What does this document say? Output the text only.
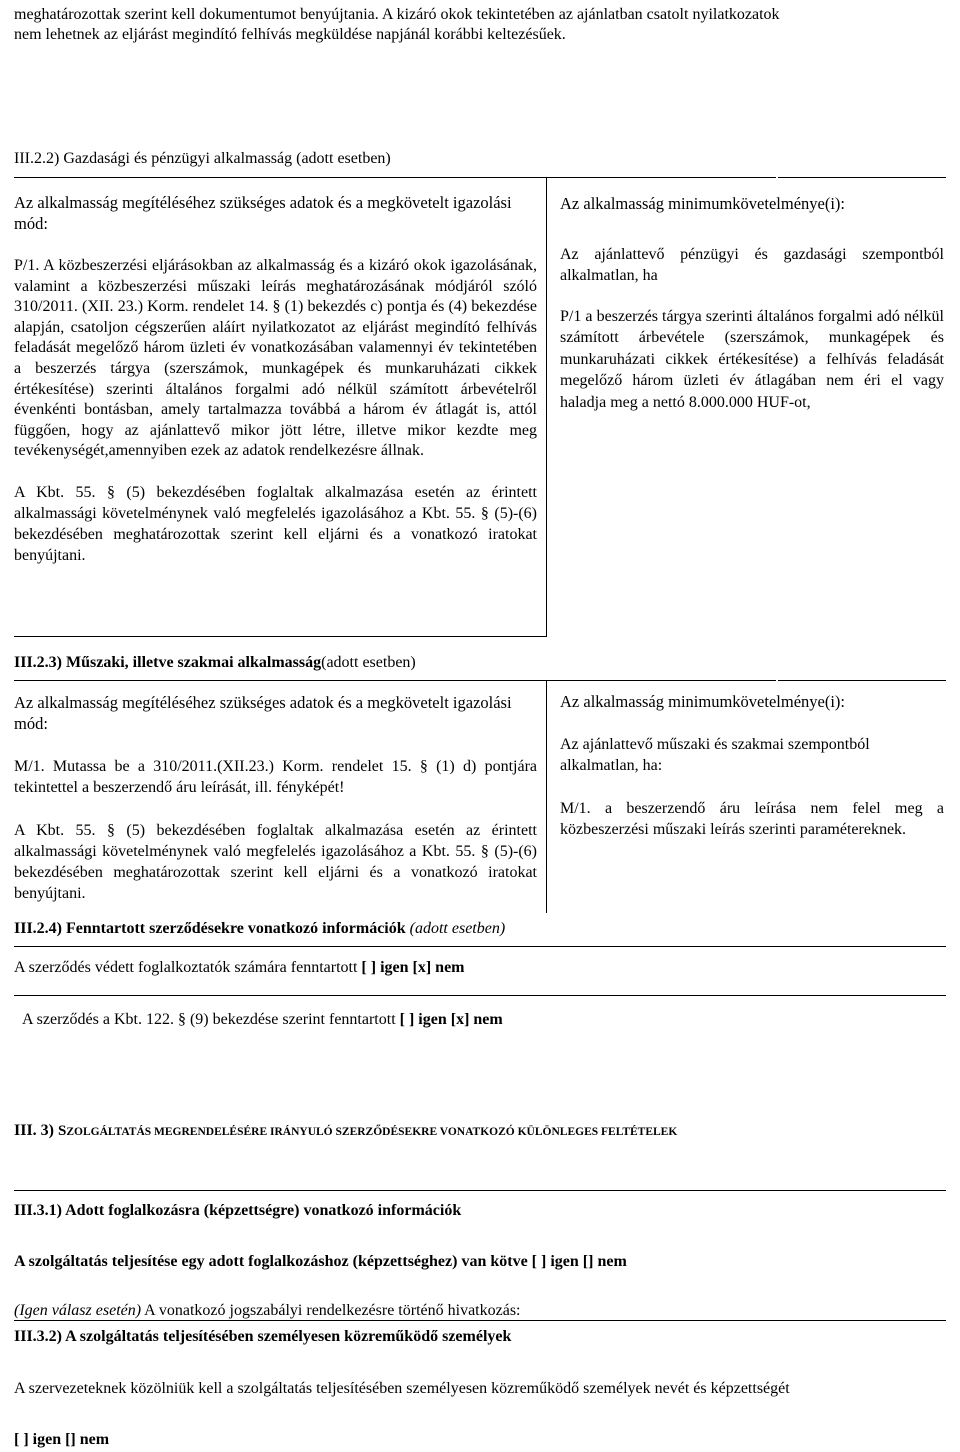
meghatározottak szerint kell dokumentumot benyújtania. A kizáró okok tekintetében az ajánlatban csatolt nyilatkozatok
nem lehetnek az eljárást megindító felhívás megküldése napjánál korábbi keltezésűek.
III.2.2) Gazdasági és pénzügyi alkalmasság (adott esetben)

Az alkalmasság megítéléséhez szükséges adatok és a megkövetelt igazolási mód:

P/1. A közbeszerzési eljárásokban az alkalmasság és a kizáró okok igazolásának, valamint a közbeszerzési műszaki leírás meghatározásának módjáról szóló 310/2011. (XII. 23.) Korm. rendelet 14. § (1) bekezdés c) pontja és (4) bekezdése alapján, csatoljon cégszerűen aláírt nyilatkozatot az eljárást megindító felhívás feladását megelőző három üzleti év vonatkozásában valamennyi év tekintetében a beszerzés tárgya (szerszámok, munkagépek és munkaruházati cikkek értékesítése) szerinti általános forgalmi adó nélkül számított árbevételről évenkénti bontásban, amely tartalmazza továbbá a három év átlagát is, attól függően, hogy az ajánlattevő mikor jött létre, illetve mikor kezdte meg tevékenységét,amennyiben ezek az adatok rendelkezésre állnak.

A Kbt. 55. § (5) bekezdésében foglaltak alkalmazása esetén az érintett alkalmassági követelménynek való megfelelés igazolásához a Kbt. 55. § (5)-(6) bekezdésében meghatározottak szerint kell eljárni és a vonatkozó iratokat benyújtani.

Az alkalmasság minimumkövetelménye(i):

Az ajánlattevő pénzügyi és gazdasági szempontból alkalmatlan, ha

P/1 a beszerzés tárgya szerinti általános forgalmi adó nélkül számított árbevétele (szerszámok, munkagépek és munkaruházati cikkek értékesítése) a felhívás feladását megelőző három üzleti év átlagában nem éri el vagy haladja meg a nettó 8.000.000 HUF-ot,

III.2.3) Műszaki, illetve szakmai alkalmasság(adott esetben)

Az alkalmasság megítéléséhez szükséges adatok és a megkövetelt igazolási mód:

M/1. Mutassa be a 310/2011.(XII.23.) Korm. rendelet 15. § (1) d) pontjára tekintettel a beszerzendő áru leírását, ill. fényképét!

A Kbt. 55. § (5) bekezdésében foglaltak alkalmazása esetén az érintett alkalmassági követelménynek való megfelelés igazolásához a Kbt. 55. § (5)-(6) bekezdésében meghatározottak szerint kell eljárni és a vonatkozó iratokat benyújtani.

Az alkalmasság minimumkövetelménye(i):

Az ajánlattevő műszaki és szakmai szempontból alkalmatlan, ha:

M/1. a beszerzendő áru leírása nem felel meg a közbeszerzési műszaki leírás szerinti paramétereknek.

III.2.4) Fenntartott szerződésekre vonatkozó információk (adott esetben)
A szerződés védett foglalkoztatók számára fenntartott [ ] igen [x] nem
A szerződés a Kbt. 122. § (9) bekezdése szerint fenntartott [ ] igen [x] nem
III. 3) SZOLGÁLTATÁS MEGRENDELÉSÉRE IRÁNYULÓ SZERZŐDÉSEKRE VONATKOZÓ KÜLÖNLEGES FELTÉTELEK
III.3.1) Adott foglalkozásra (képzettségre) vonatkozó információk
A szolgáltatás teljesítése egy adott foglalkozáshoz (képzettséghez) van kötve [ ] igen [] nem
(Igen válasz esetén) A vonatkozó jogszabályi rendelkezésre történő hivatkozás:
III.3.2) A szolgáltatás teljesítésében személyesen közreműködő személyek
A szervezeteknek közölniük kell a szolgáltatás teljesítésében személyesen közreműködő személyek nevét és képzettségét
[ ] igen [] nem
